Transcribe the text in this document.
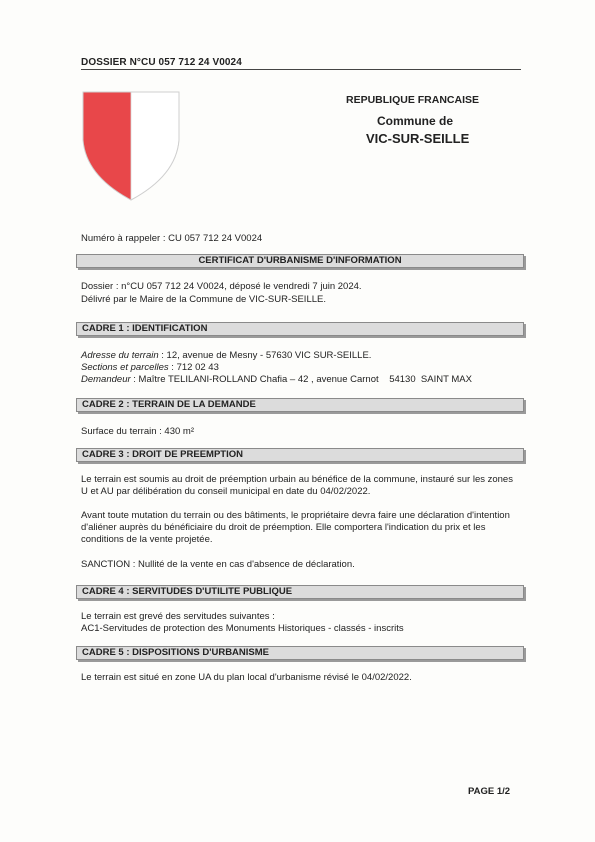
DOSSIER N°CU 057 712 24 V0024
REPUBLIQUE FRANCAISE
Commune de
VIC-SUR-SEILLE
Numéro à rappeler : CU 057 712 24 V0024
CERTIFICAT D'URBANISME D'INFORMATION
Dossier : n°CU 057 712 24 V0024, déposé le vendredi 7 juin 2024.
Délivré par le Maire de la Commune de VIC-SUR-SEILLE.
CADRE 1 : IDENTIFICATION
Adresse du terrain : 12, avenue de Mesny - 57630 VIC SUR-SEILLE.
Sections et parcelles : 712 02 43
Demandeur : Maître TELILANI-ROLLAND Chafia – 42 , avenue Carnot    54130  SAINT MAX
CADRE 2 : TERRAIN DE LA DEMANDE
Surface du terrain : 430 m²
CADRE 3 : DROIT DE PREEMPTION
Le terrain est soumis au droit de préemption urbain au bénéfice de la commune, instauré sur les zones U et AU par délibération du conseil municipal en date du 04/02/2022.
Avant toute mutation du terrain ou des bâtiments, le propriétaire devra faire une déclaration d'intention d'aliéner auprès du bénéficiaire du droit de préemption. Elle comportera l'indication du prix et les conditions de la vente projetée.
SANCTION : Nullité de la vente en cas d'absence de déclaration.
CADRE 4 : SERVITUDES D'UTILITE PUBLIQUE
Le terrain est grevé des servitudes suivantes :
AC1-Servitudes de protection des Monuments Historiques - classés - inscrits
CADRE 5 : DISPOSITIONS D'URBANISME
Le terrain est situé en zone UA du plan local d'urbanisme révisé le 04/02/2022.
PAGE 1/2
